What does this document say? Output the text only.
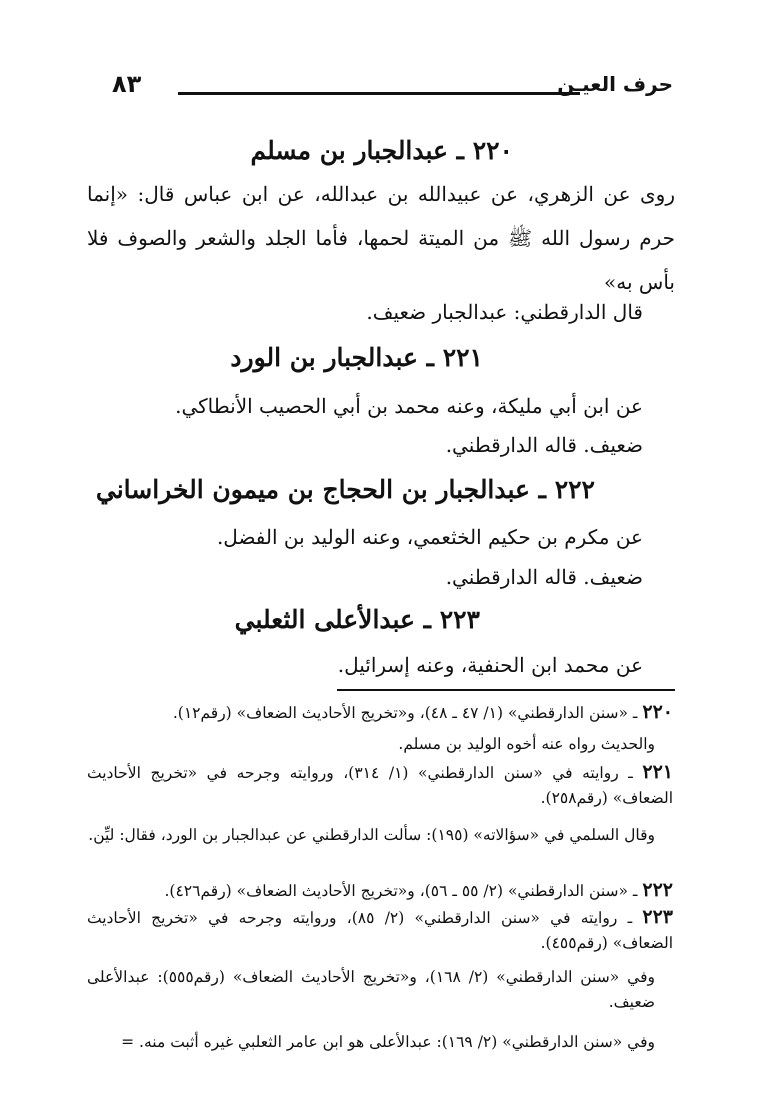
حرف العيـن
٨٣
٢٢٠ ـ عبدالجبار بن مسلم
روى عن الزهري، عن عبيدالله بن عبدالله، عن ابن عباس قال: «إنما حرم رسول الله ﷺ من الميتة لحمها، فأما الجلد والشعر والصوف فلا بأس به»
قال الدارقطني: عبدالجبار ضعيف.
٢٢١ ـ عبدالجبار بن الورد
عن ابن أبي مليكة، وعنه محمد بن أبي الحصيب الأنطاكي.
ضعيف. قاله الدارقطني.
٢٢٢ ـ عبدالجبار بن الحجاج بن ميمون الخراساني
عن مكرم بن حكيم الخثعمي، وعنه الوليد بن الفضل.
ضعيف. قاله الدارقطني.
٢٢٣ ـ عبدالأعلى الثعلبي
عن محمد ابن الحنفية، وعنه إسرائيل.
٢٢٠ ـ «سنن الدارقطني» (١/ ٤٧ ـ ٤٨)، و«تخريج الأحاديث الضعاف» (رقم١٢).
والحديث رواه عنه أخوه الوليد بن مسلم.
٢٢١ ـ روايته في «سنن الدارقطني» (١/ ٣١٤)، وروايته وجرحه في «تخريج الأحاديث الضعاف» (رقم٢٥٨).
وقال السلمي في «سؤالاته» (١٩٥): سألت الدارقطني عن عبدالجبار بن الورد، فقال: ليِّن.
٢٢٢ ـ «سنن الدارقطني» (٢/ ٥٥ ـ ٥٦)، و«تخريج الأحاديث الضعاف» (رقم٤٢٦).
٢٢٣ ـ روايته في «سنن الدارقطني» (٢/ ٨٥)، وروايته وجرحه في «تخريج الأحاديث الضعاف» (رقم٤٥٥).
وفي «سنن الدارقطني» (٢/ ١٦٨)، و«تخريج الأحاديث الضعاف» (رقم٥٥٥): عبدالأعلى ضعيف.
وفي «سنن الدارقطني» (٢/ ١٦٩): عبدالأعلى هو ابن عامر الثعلبي غيره أثبت منه. =
